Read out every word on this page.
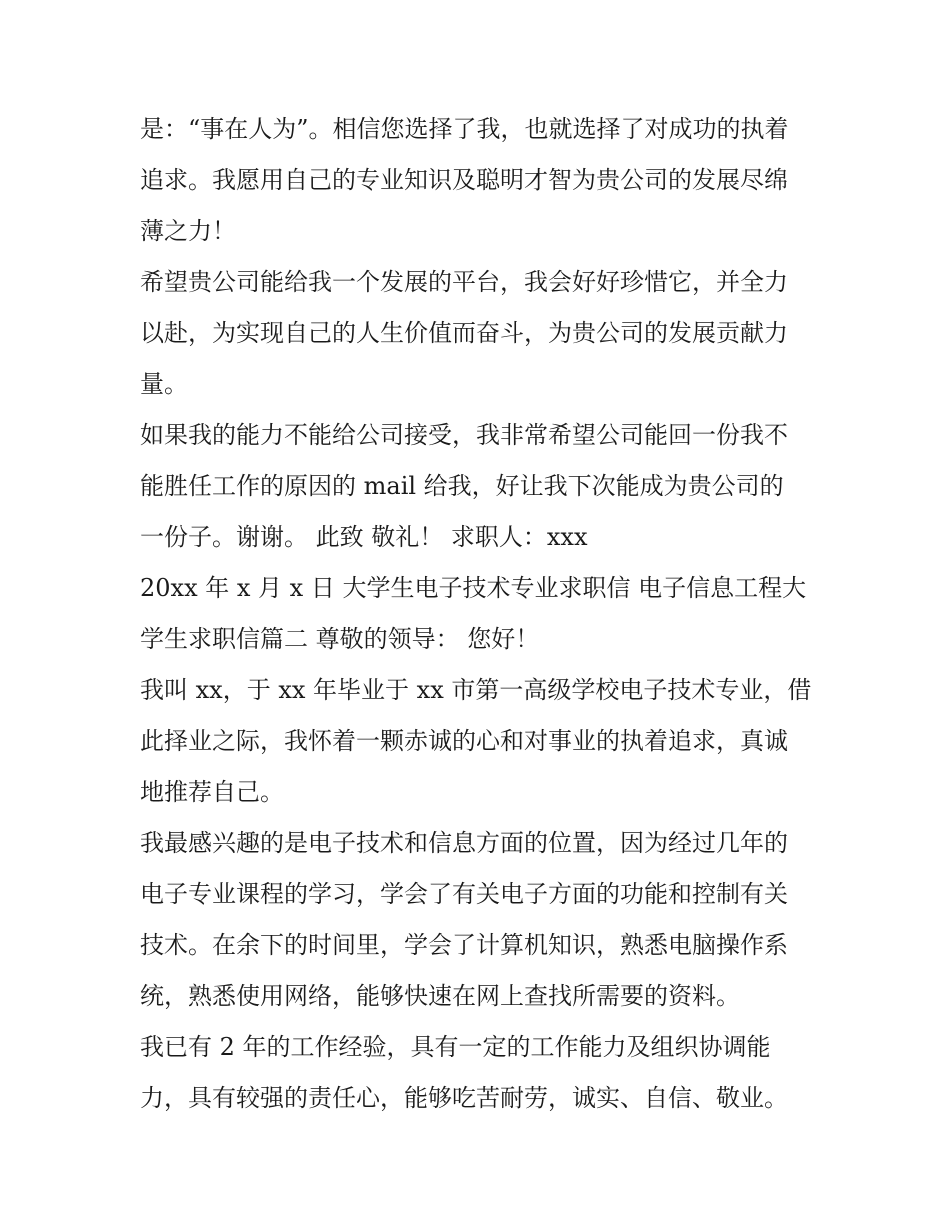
是：“事在人为”。相信您选择了我，也就选择了对成功的执着
追求。我愿用自己的专业知识及聪明才智为贵公司的发展尽绵
薄之力！
希望贵公司能给我一个发展的平台，我会好好珍惜它，并全力
以赴，为实现自己的人生价值而奋斗，为贵公司的发展贡献力
量。
如果我的能力不能给公司接受，我非常希望公司能回一份我不
能胜任工作的原因的 mail 给我，好让我下次能成为贵公司的
一份子。谢谢。 此致 敬礼！ 求职人：xxx
20xx 年 x 月 x 日 大学生电子技术专业求职信 电子信息工程大
学生求职信篇二 尊敬的领导： 您好！
我叫 xx，于 xx 年毕业于 xx 市第一高级学校电子技术专业，借
此择业之际，我怀着一颗赤诚的心和对事业的执着追求，真诚
地推荐自己。
我最感兴趣的是电子技术和信息方面的位置，因为经过几年的
电子专业课程的学习，学会了有关电子方面的功能和控制有关
技术。在余下的时间里，学会了计算机知识，熟悉电脑操作系
统，熟悉使用网络，能够快速在网上查找所需要的资料。
我已有 2 年的工作经验，具有一定的工作能力及组织协调能
力，具有较强的责任心，能够吃苦耐劳，诚实、自信、敬业。
